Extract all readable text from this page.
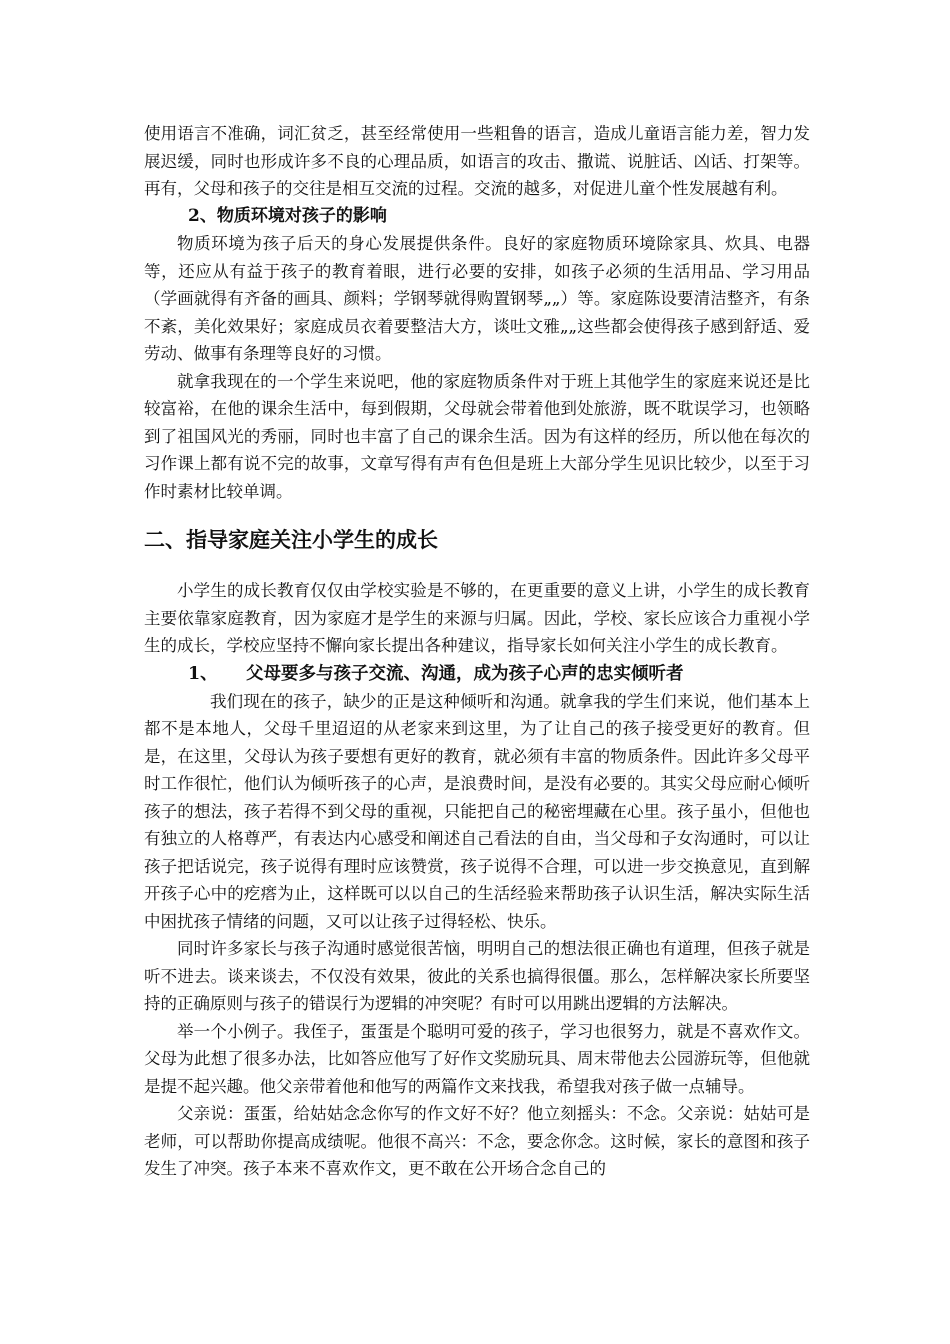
使用语言不准确，词汇贫乏，甚至经常使用一些粗鲁的语言，造成儿童语言能力差，智力发展迟缓，同时也形成许多不良的心理品质，如语言的攻击、撒谎、说脏话、凶话、打架等。再有，父母和孩子的交往是相互交流的过程。交流的越多，对促进儿童个性发展越有利。

2、物质环境对孩子的影响

物质环境为孩子后天的身心发展提供条件。良好的家庭物质环境除家具、炊具、电器等，还应从有益于孩子的教育着眼，进行必要的安排，如孩子必须的生活用品、学习用品（学画就得有齐备的画具、颜料；学钢琴就得购置钢琴„„）等。家庭陈设要清洁整齐，有条不紊，美化效果好；家庭成员衣着要整洁大方，谈吐文雅„„这些都会使得孩子感到舒适、爱劳动、做事有条理等良好的习惯。

就拿我现在的一个学生来说吧，他的家庭物质条件对于班上其他学生的家庭来说还是比较富裕，在他的课余生活中，每到假期，父母就会带着他到处旅游，既不耽误学习，也领略到了祖国风光的秀丽，同时也丰富了自己的课余生活。因为有这样的经历，所以他在每次的习作课上都有说不完的故事，文章写得有声有色但是班上大部分学生见识比较少，以至于习作时素材比较单调。

二、指导家庭关注小学生的成长

小学生的成长教育仅仅由学校实验是不够的，在更重要的意义上讲，小学生的成长教育主要依靠家庭教育，因为家庭才是学生的来源与归属。因此，学校、家长应该合力重视小学生的成长，学校应坚持不懈向家长提出各种建议，指导家长如何关注小学生的成长教育。

1、 父母要多与孩子交流、沟通，成为孩子心声的忠实倾听者

我们现在的孩子，缺少的正是这种倾听和沟通。就拿我的学生们来说，他们基本上都不是本地人，父母千里迢迢的从老家来到这里，为了让自己的孩子接受更好的教育。但是，在这里，父母认为孩子要想有更好的教育，就必须有丰富的物质条件。因此许多父母平时工作很忙，他们认为倾听孩子的心声，是浪费时间，是没有必要的。其实父母应耐心倾听孩子的想法，孩子若得不到父母的重视，只能把自己的秘密埋藏在心里。孩子虽小，但他也有独立的人格尊严，有表达内心感受和阐述自己看法的自由，当父母和子女沟通时，可以让孩子把话说完，孩子说得有理时应该赞赏，孩子说得不合理，可以进一步交换意见，直到解开孩子心中的疙瘩为止，这样既可以以自己的生活经验来帮助孩子认识生活，解决实际生活中困扰孩子情绪的问题，又可以让孩子过得轻松、快乐。

同时许多家长与孩子沟通时感觉很苦恼，明明自己的想法很正确也有道理，但孩子就是听不进去。谈来谈去，不仅没有效果，彼此的关系也搞得很僵。那么，怎样解决家长所要坚持的正确原则与孩子的错误行为逻辑的冲突呢？有时可以用跳出逻辑的方法解决。

举一个小例子。我侄子，蛋蛋是个聪明可爱的孩子，学习也很努力，就是不喜欢作文。父母为此想了很多办法，比如答应他写了好作文奖励玩具、周末带他去公园游玩等，但他就是提不起兴趣。他父亲带着他和他写的两篇作文来找我，希望我对孩子做一点辅导。

父亲说：蛋蛋，给姑姑念念你写的作文好不好？他立刻摇头：不念。父亲说：姑姑可是老师，可以帮助你提高成绩呢。他很不高兴：不念，要念你念。这时候，家长的意图和孩子发生了冲突。孩子本来不喜欢作文，更不敢在公开场合念自己的
